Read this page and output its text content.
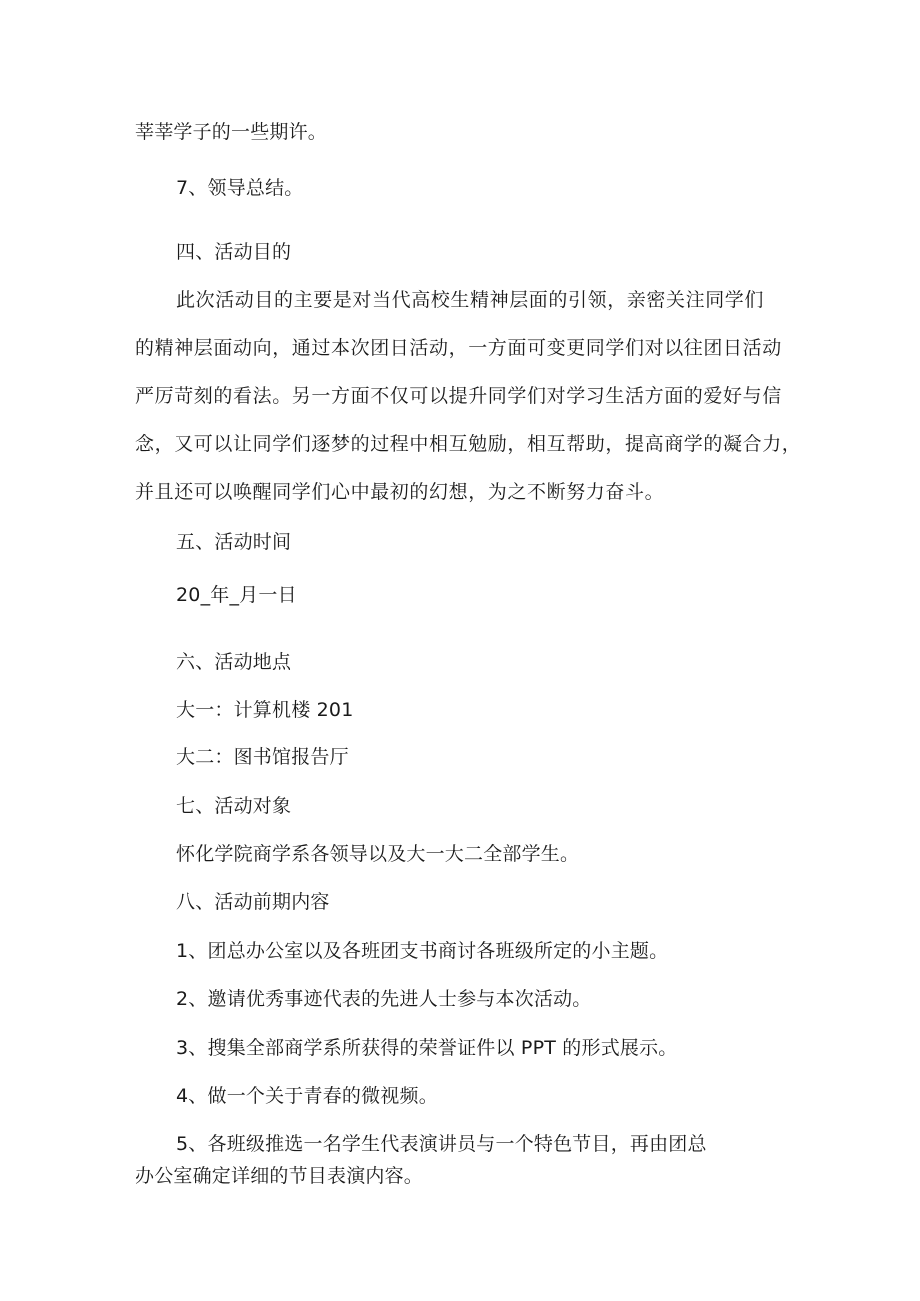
莘莘学子的一些期许。
7、领导总结。
四、活动目的
此次活动目的主要是对当代高校生精神层面的引领，亲密关注同学们
的精神层面动向，通过本次团日活动，一方面可变更同学们对以往团日活动
严厉苛刻的看法。另一方面不仅可以提升同学们对学习生活方面的爱好与信
念，又可以让同学们逐梦的过程中相互勉励，相互帮助，提高商学的凝合力，
并且还可以唤醒同学们心中最初的幻想，为之不断努力奋斗。
五、活动时间
20_年_月一日
六、活动地点
大一：计算机楼 201
大二：图书馆报告厅
七、活动对象
怀化学院商学系各领导以及大一大二全部学生。
八、活动前期内容
1、团总办公室以及各班团支书商讨各班级所定的小主题。
2、邀请优秀事迹代表的先进人士参与本次活动。
3、搜集全部商学系所获得的荣誉证件以 PPT 的形式展示。
4、做一个关于青春的微视频。
5、各班级推选一名学生代表演讲员与一个特色节目，再由团总
办公室确定详细的节目表演内容。
